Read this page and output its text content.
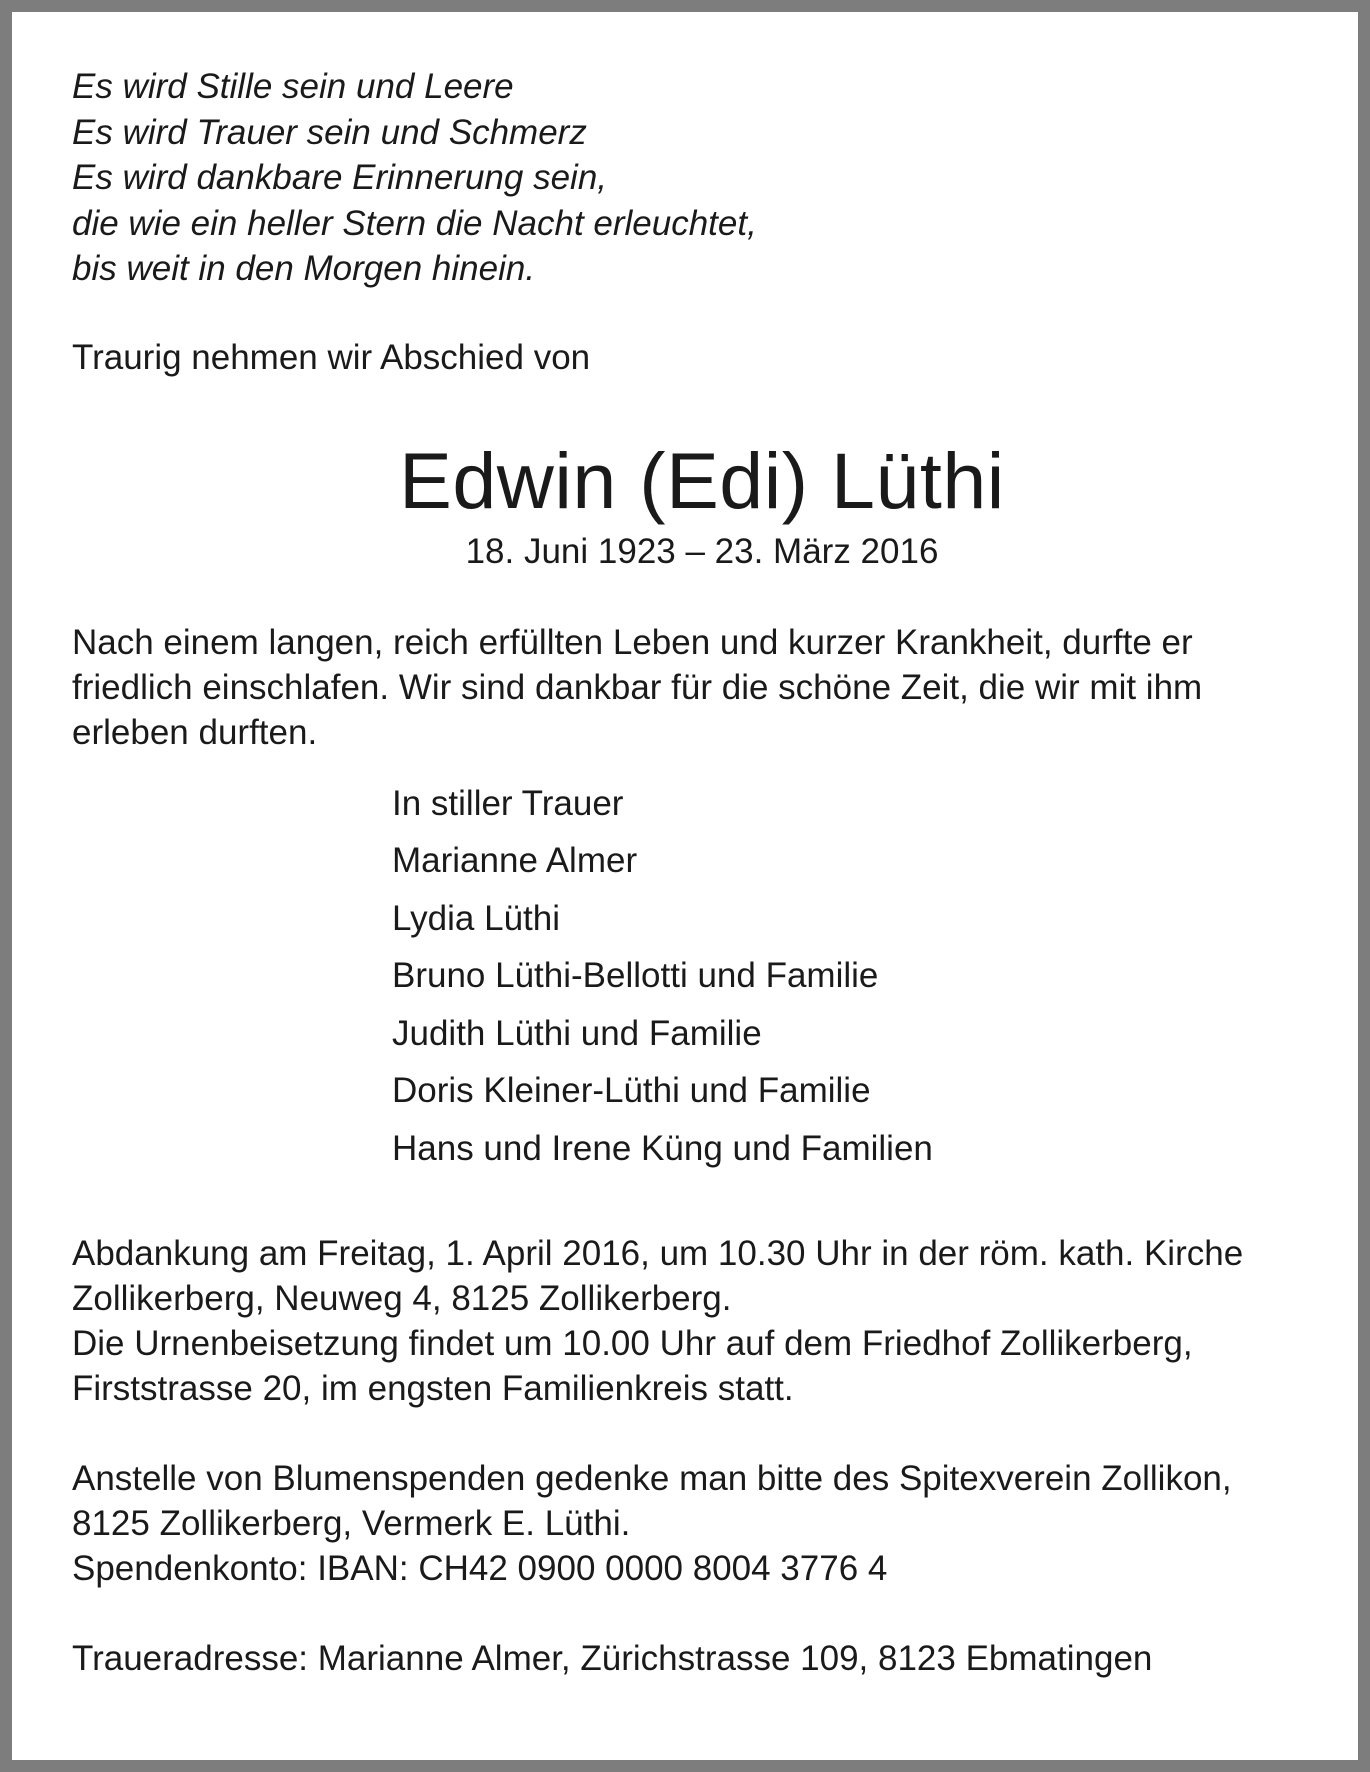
Es wird Stille sein und Leere
Es wird Trauer sein und Schmerz
Es wird dankbare Erinnerung sein,
die wie ein heller Stern die Nacht erleuchtet,
bis weit in den Morgen hinein.
Traurig nehmen wir Abschied von
Edwin (Edi) Lüthi
18. Juni 1923 – 23. März 2016
Nach einem langen, reich erfüllten Leben und kurzer Krankheit, durfte er
friedlich einschlafen. Wir sind dankbar für die schöne Zeit, die wir mit ihm
erleben durften.
In stiller Trauer
Marianne Almer
Lydia Lüthi
Bruno Lüthi-Bellotti und Familie
Judith Lüthi und Familie
Doris Kleiner-Lüthi und Familie
Hans und Irene Küng und Familien
Abdankung am Freitag, 1. April 2016, um 10.30 Uhr in der röm. kath. Kirche
Zollikerberg, Neuweg 4, 8125 Zollikerberg.
Die Urnenbeisetzung findet um 10.00 Uhr auf dem Friedhof Zollikerberg,
Firststrasse 20, im engsten Familienkreis statt.
Anstelle von Blumenspenden gedenke man bitte des Spitexverein Zollikon,
8125 Zollikerberg, Vermerk E. Lüthi.
Spendenkonto: IBAN: CH42 0900 0000 8004 3776 4
Traueradresse: Marianne Almer, Zürichstrasse 109, 8123 Ebmatingen
